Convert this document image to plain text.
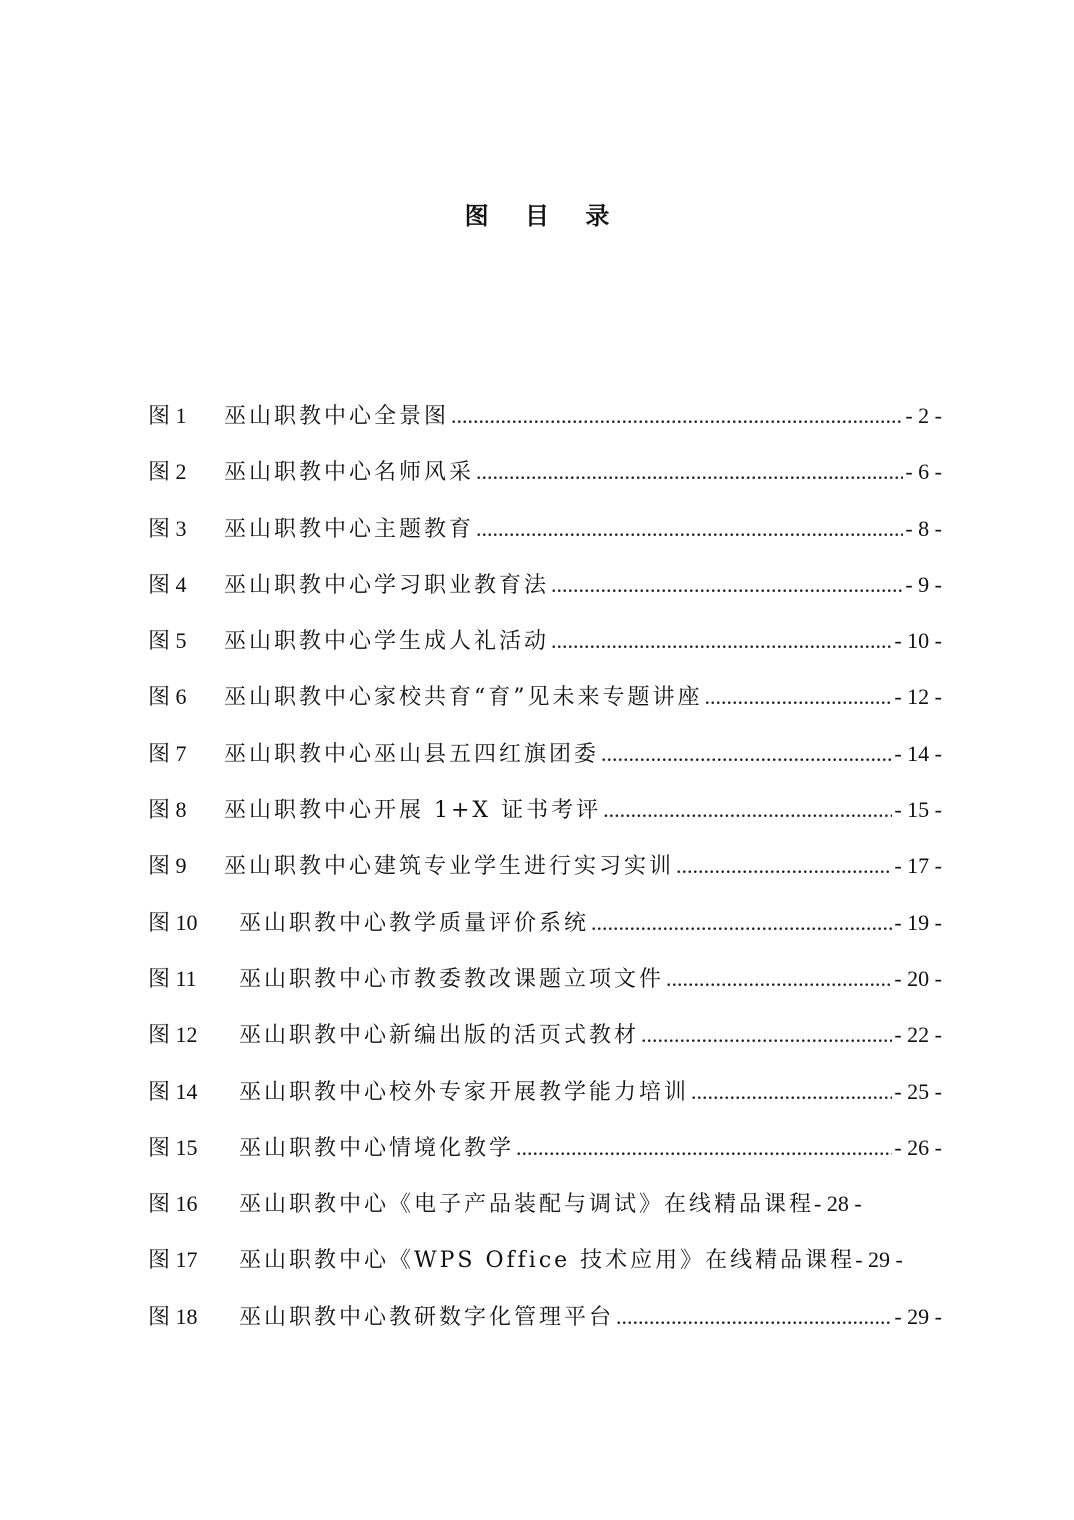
图 目 录
图 1	巫山职教中心全景图 .....	- 2 -
图 2	巫山职教中心名师风采 .....	- 6 -
图 3	巫山职教中心主题教育 .....	- 8 -
图 4	巫山职教中心学习职业教育法 .....	- 9 -
图 5	巫山职教中心学生成人礼活动 .....	- 10 -
图 6	巫山职教中心家校共育“育”见未来专题讲座 .....	- 12 -
图 7	巫山职教中心巫山县五四红旗团委 .....	- 14 -
图 8	巫山职教中心开展 1+X 证书考评 .....	- 15 -
图 9	巫山职教中心建筑专业学生进行实习实训 .....	- 17 -
图 10	巫山职教中心教学质量评价系统 .....	- 19 -
图 11	巫山职教中心市教委教改课题立项文件 .....	- 20 -
图 12	巫山职教中心新编出版的活页式教材 .....	- 22 -
图 14	巫山职教中心校外专家开展教学能力培训 .....	- 25 -
图 15	巫山职教中心情境化教学 .....	- 26 -
图 16	巫山职教中心《电子产品装配与调试》在线精品课程 - 28 -
图 17	巫山职教中心《WPS Office 技术应用》在线精品课程 - 29 -
图 18	巫山职教中心教研数字化管理平台 .....	- 29 -
